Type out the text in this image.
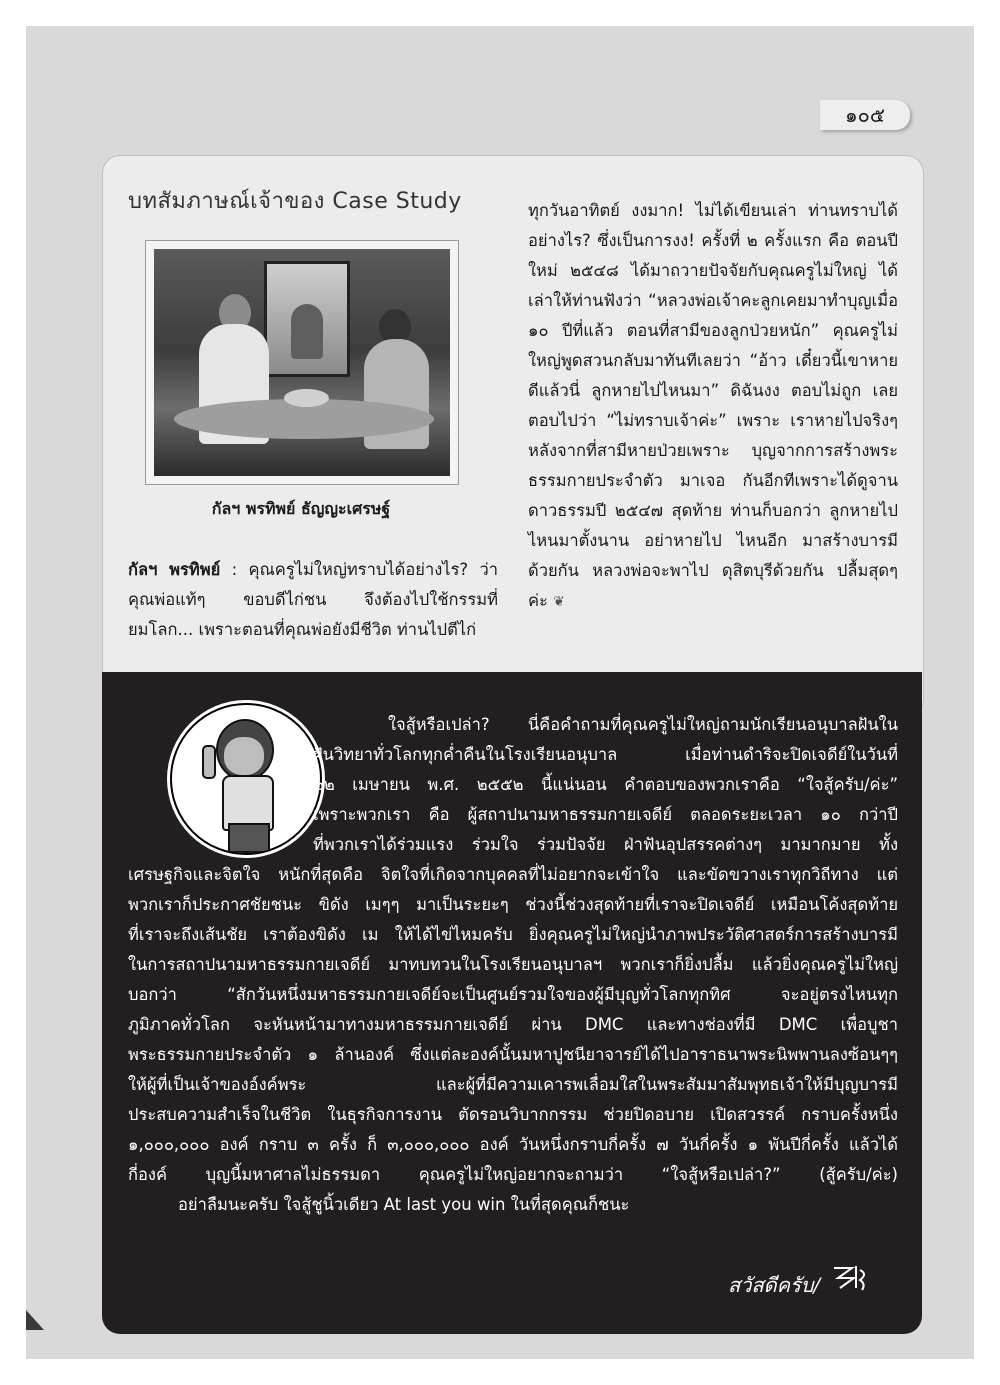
๑๐๕
บทสัมภาษณ์เจ้าของ Case Study
กัลฯ พรทิพย์ ธัญญะเศรษฐ์

กัลฯ พรทิพย์ : คุณครูไม่ใหญ่ทราบได้อย่างไร? ว่าคุณพ่อแท้ๆ ขอบดีไก่ชน จึงต้องไปใช้กรรมที่ยมโลก... เพราะตอนที่คุณพ่อยังมีชีวิต ท่านไปตีไก่

ทุกวันอาทิตย์ งงมาก! ไม่ได้เขียนเล่า ท่านทราบได้อย่างไร? ซึ่งเป็นการงง! ครั้งที่ ๒ ครั้งแรก คือ ตอนปีใหม่ ๒๕๔๘ ได้มาถวายปัจจัยกับคุณครูไม่ใหญ่ ได้เล่าให้ท่านฟังว่า “หลวงพ่อเจ้าคะลูกเคยมาทำบุญเมื่อ ๑๐ ปีที่แล้ว ตอนที่สามีของลูกป่วยหนัก” คุณครูไม่ใหญ่พูดสวนกลับมาทันทีเลยว่า “อ้าว เดี๋ยวนี้เขาหายดีแล้วนี่ ลูกหายไปไหนมา” ดิฉันงง ตอบไม่ถูก เลยตอบไปว่า “ไม่ทราบเจ้าค่ะ” เพราะ เราหายไปจริงๆ หลังจากที่สามีหายป่วยเพราะ บุญจากการสร้างพระธรรมกายประจำตัว มาเจอ กันอีกทีเพราะได้ดูจานดาวธรรมปี ๒๕๔๗ สุดท้าย ท่านก็บอกว่า ลูกหายไปไหนมาตั้งนาน อย่าหายไป ไหนอีก มาสร้างบารมีด้วยกัน หลวงพ่อจะพาไป ดุสิตบุรีด้วยกัน ปลื้มสุดๆ ค่ะ ❦

ใจสู้หรือเปล่า? นี่คือคำถามที่คุณครูไม่ใหญ่ถามนักเรียนอนุบาลฝันใน
ฝันวิทยาทั่วโลกทุกค่ำคืนในโรงเรียนอนุบาล เมื่อท่านดำริจะปิดเจดีย์ในวันที่
๒๒ เมษายน พ.ศ. ๒๕๕๒ นี้แน่นอน คำตอบของพวกเราคือ “ใจสู้ครับ/ค่ะ”
เพราะพวกเรา คือ ผู้สถาปนามหาธรรมกายเจดีย์ ตลอดระยะเวลา ๑๐ กว่าปี
ที่พวกเราได้ร่วมแรง ร่วมใจ ร่วมปัจจัย ฝ่าฟันอุปสรรคต่างๆ มามากมาย ทั้ง
เศรษฐกิจและจิตใจ หนักที่สุดคือ จิตใจที่เกิดจากบุคคลที่ไม่อยากจะเข้าใจ และขัดขวางเราทุกวิถีทาง แต่
พวกเราก็ประกาศชัยชนะ ขิดัง เมๆๆ มาเป็นระยะๆ ช่วงนี้ช่วงสุดท้ายที่เราจะปิดเจดีย์ เหมือนโค้งสุดท้าย
ที่เราจะถึงเส้นชัย เราต้องขิดัง เม ให้ได้ไข่ไหมครับ ยิ่งคุณครูไม่ใหญ่นำภาพประวัติศาสตร์การสร้างบารมี
ในการสถาปนามหาธรรมกายเจดีย์ มาทบทวนในโรงเรียนอนุบาลฯ พวกเราก็ยิ่งปลื้ม แล้วยิ่งคุณครูไม่ใหญ่
บอกว่า “สักวันหนึ่งมหาธรรมกายเจดีย์จะเป็นศูนย์รวมใจของผู้มีบุญทั่วโลกทุกทิศ จะอยู่ตรงไหนทุก
ภูมิภาคทั่วโลก จะหันหน้ามาทางมหาธรรมกายเจดีย์ ผ่าน DMC และทางช่องที่มี DMC เพื่อบูชา
พระธรรมกายประจำตัว ๑ ล้านองค์ ซึ่งแต่ละองค์นั้นมหาปูชนียาจารย์ได้ไปอาราธนาพระนิพพานลงซ้อนๆๆ
ให้ผู้ที่เป็นเจ้าของอ์งค์พระ และผู้ที่มีความเคารพเลื่อมใสในพระสัมมาสัมพุทธเจ้าให้มีบุญบารมี
ประสบความสำเร็จในชีวิต ในธุรกิจการงาน ตัดรอนวิบากกรรม ช่วยปิดอบาย เปิดสวรรค์ กราบครั้งหนึ่ง
๑,๐๐๐,๐๐๐ องค์ กราบ ๓ ครั้ง ก็ ๓,๐๐๐,๐๐๐ องค์ วันหนึ่งกราบกี่ครั้ง ๗ วันกี่ครั้ง ๑ พันปีกี่ครั้ง แล้วได้
กี่องค์ บุญนี้มหาศาลไม่ธรรมดา คุณครูไม่ใหญ่อยากจะถามว่า “ใจสู้หรือเปล่า?” (สู้ครับ/ค่ะ)
อย่าลืมนะครับ ใจสู้ชูนิ้วเดียว At last you win ในที่สุดคุณก็ชนะ
สวัสดีครับ/
